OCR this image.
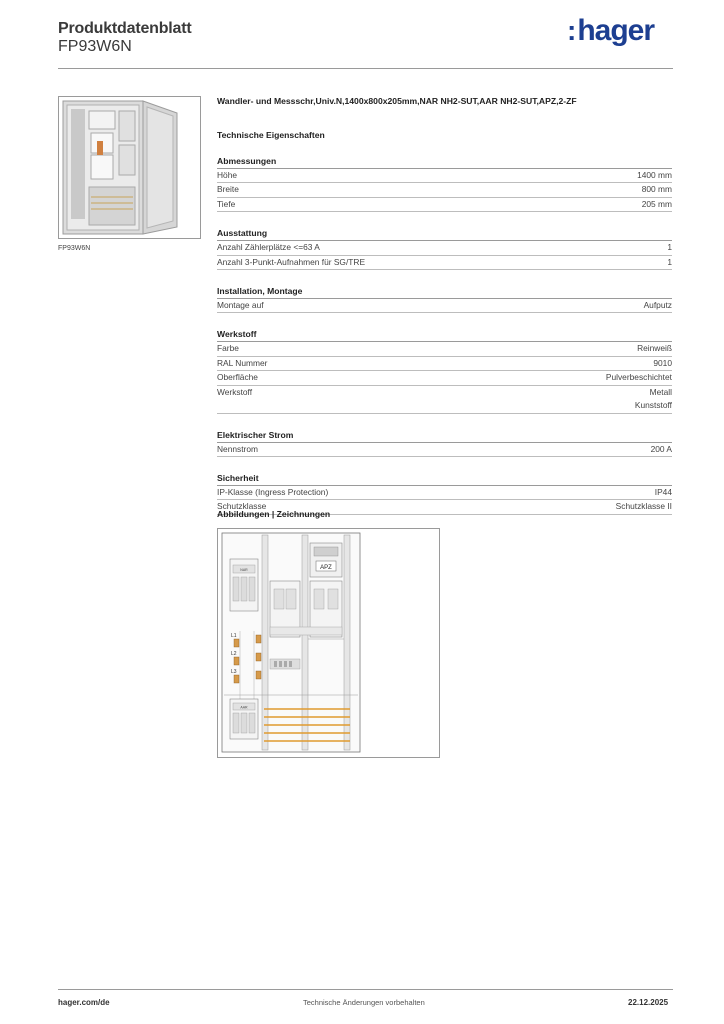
Produktdatenblatt
FP93W6N
:hager
FP93W6N
Wandler- und Messschr,Univ.N,1400x800x205mm,NAR NH2-SUT,AAR NH2-SUT,APZ,2-ZF
Technische Eigenschaften
Abmessungen
Höhe	1400 mm
Breite	800 mm
Tiefe	205 mm
Ausstattung
Anzahl Zählerplätze <=63 A	1
Anzahl 3-Punkt-Aufnahmen für SG/TRE	1
Installation, Montage
Montage auf	Aufputz
Werkstoff
Farbe	Reinweiß
RAL Nummer	9010
Oberfläche	Pulverbeschichtet
Werkstoff	Metall
Kunststoff
Elektrischer Strom
Nennstrom	200 A
Sicherheit
IP-Klasse (Ingress Protection)	IP44
Schutzklasse	Schutzklasse II
Abbildungen | Zeichnungen
APZ
NAR
L1
L2
L3
AAR
hager.com/de	Technische Änderungen vorbehalten	22.12.2025
